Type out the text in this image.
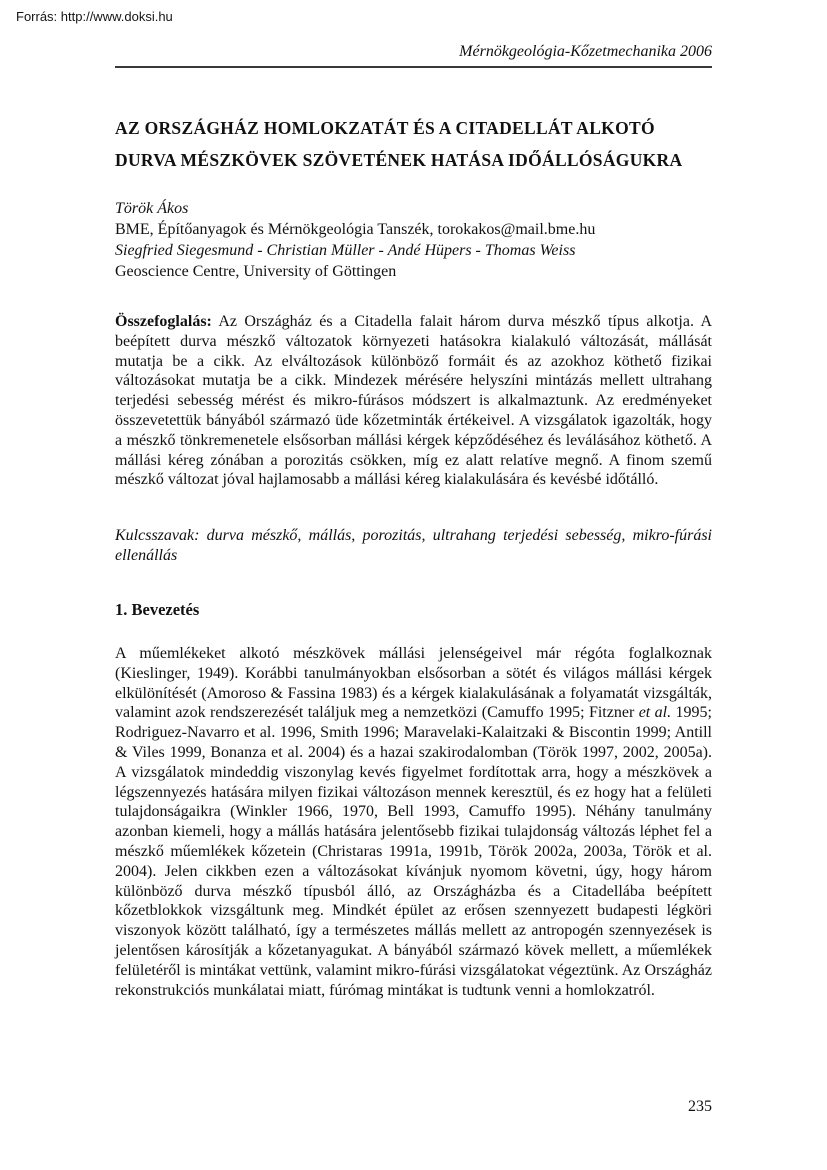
Forrás: http://www.doksi.hu
Mérnökgeológia-Kőzetmechanika 2006
AZ ORSZÁGHÁZ HOMLOKZATÁT ÉS A CITADELLÁT ALKOTÓ DURVA MÉSZKÖVEK SZÖVETÉNEK HATÁSA IDŐÁLLÓSÁGUKRA
Török Ákos
BME, Építőanyagok és Mérnökgeológia Tanszék, torokakos@mail.bme.hu
Siegfried Siegesmund - Christian Müller - Andé Hüpers - Thomas Weiss
Geoscience Centre, University of Göttingen

Összefoglalás: Az Országház és a Citadella falait három durva mészkő típus alkotja. A beépített durva mészkő változatok környezeti hatásokra kialakuló változását, mállását mutatja be a cikk. Az elváltozások különböző formáit és az azokhoz köthető fizikai változásokat mutatja be a cikk. Mindezek mérésére helyszíni mintázás mellett ultrahang terjedési sebesség mérést és mikro-fúrásos módszert is alkalmaztunk. Az eredményeket összevetettük bányából származó üde kőzetminták értékeivel. A vizsgálatok igazolták, hogy a mészkő tönkremenetele elsősorban mállási kérgek képződéséhez és leválásához köthető. A mállási kéreg zónában a porozitás csökken, míg ez alatt relatíve megnő. A finom szemű mészkő változat jóval hajlamosabb a mállási kéreg kialakulására és kevésbé időtálló.

Kulcsszavak: durva mészkő, mállás, porozitás, ultrahang terjedési sebesség, mikro-fúrási ellenállás

1. Bevezetés

A műemlékeket alkotó mészkövek mállási jelenségeivel már régóta foglalkoznak (Kieslinger, 1949). Korábbi tanulmányokban elsősorban a sötét és világos mállási kérgek elkülönítését (Amoroso & Fassina 1983) és a kérgek kialakulásának a folyamatát vizsgálták, valamint azok rendszerezését találjuk meg a nemzetközi (Camuffo 1995; Fitzner et al. 1995; Rodriguez-Navarro et al. 1996, Smith 1996; Maravelaki-Kalaitzaki & Biscontin 1999; Antill & Viles 1999, Bonanza et al. 2004) és a hazai szakirodalomban (Török 1997, 2002, 2005a). A vizsgálatok mindeddig viszonylag kevés figyelmet fordítottak arra, hogy a mészkövek a légszennyezés hatására milyen fizikai változáson mennek keresztül, és ez hogy hat a felületi tulajdonságaikra (Winkler 1966, 1970, Bell 1993, Camuffo 1995). Néhány tanulmány azonban kiemeli, hogy a mállás hatására jelentősebb fizikai tulajdonság változás léphet fel a mészkő műemlékek kőzetein (Christaras 1991a, 1991b, Török 2002a, 2003a, Török et al. 2004). Jelen cikkben ezen a változásokat kívánjuk nyomom követni, úgy, hogy három különböző durva mészkő típusból álló, az Országházba és a Citadellába beépített kőzetblokkok vizsgáltunk meg. Mindkét épület az erősen szennyezett budapesti légköri viszonyok között található, így a természetes mállás mellett az antropogén szennyezések is jelentősen károsítják a kőzetanyagukat. A bányából származó kövek mellett, a műemlékek felületéről is mintákat vettünk, valamint mikro-fúrási vizsgálatokat végeztünk. Az Országház rekonstrukciós munkálatai miatt, fúrómag mintákat is tudtunk venni a homlokzatról.

235
